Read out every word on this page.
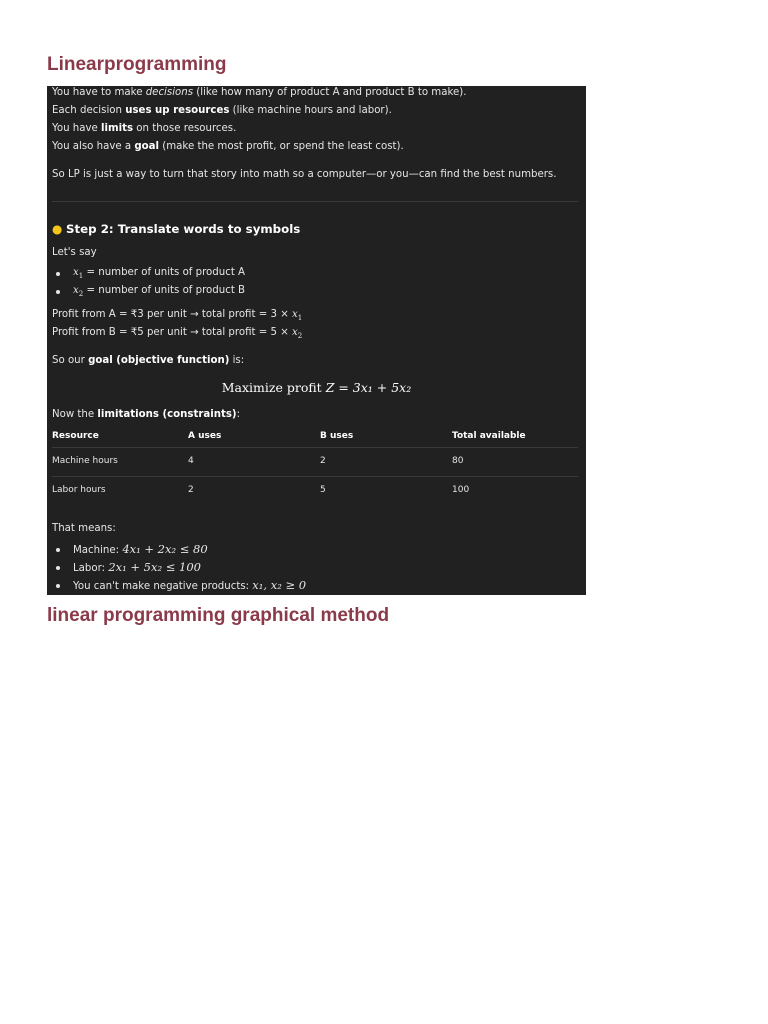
Linearprogramming
You have to make decisions (like how many of product A and product B to make).
Each decision uses up resources (like machine hours and labor).
You have limits on those resources.
You also have a goal (make the most profit, or spend the least cost).
So LP is just a way to turn that story into math so a computer—or you—can find the best numbers.
● Step 2: Translate words to symbols
Let's say
$x_1$ = number of units of product A
$x_2$ = number of units of product B
Profit from A = ₹3 per unit → total profit = $3 \times x_1$
Profit from B = ₹5 per unit → total profit = $5 \times x_2$
So our goal (objective function) is:
Maximize profit Z = 3x₁ + 5x₂
Now the limitations (constraints):
Resource	A uses	B uses	Total available
Machine hours	4	2	80
Labor hours	2	5	100
That means:
Machine: 4x₁ + 2x₂ ≤ 80
Labor: 2x₁ + 5x₂ ≤ 100
You can't make negative products: x₁, x₂ ≥ 0
linear programming graphical method
